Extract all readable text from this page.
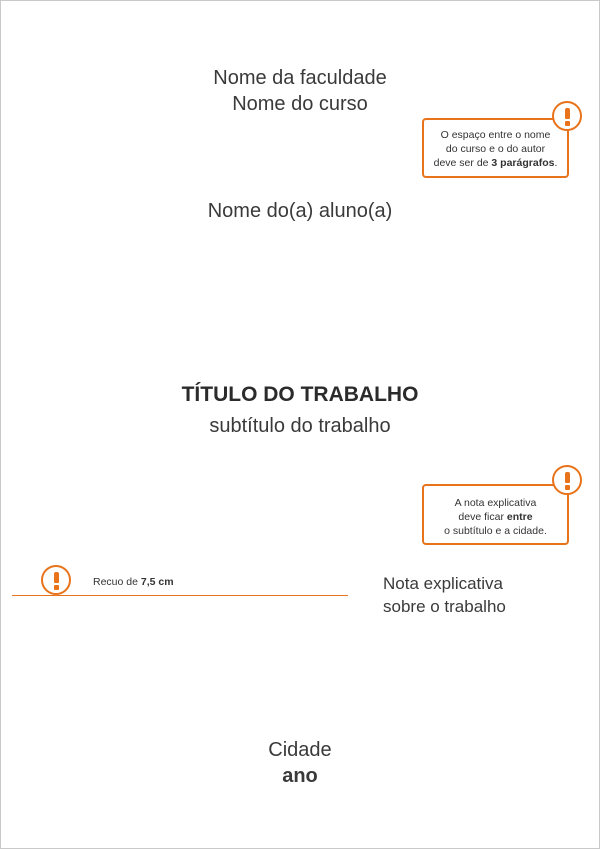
Nome da faculdade
Nome do curso
Nome do(a) aluno(a)
O espaço entre o nome
do curso e o do autor
deve ser de 3 parágrafos.
TÍTULO DO TRABALHO
subtítulo do trabalho
A nota explicativa
deve ficar entre
o subtítulo e a cidade.
Recuo de 7,5 cm	Nota explicativa
sobre o trabalho
Cidade
ano
